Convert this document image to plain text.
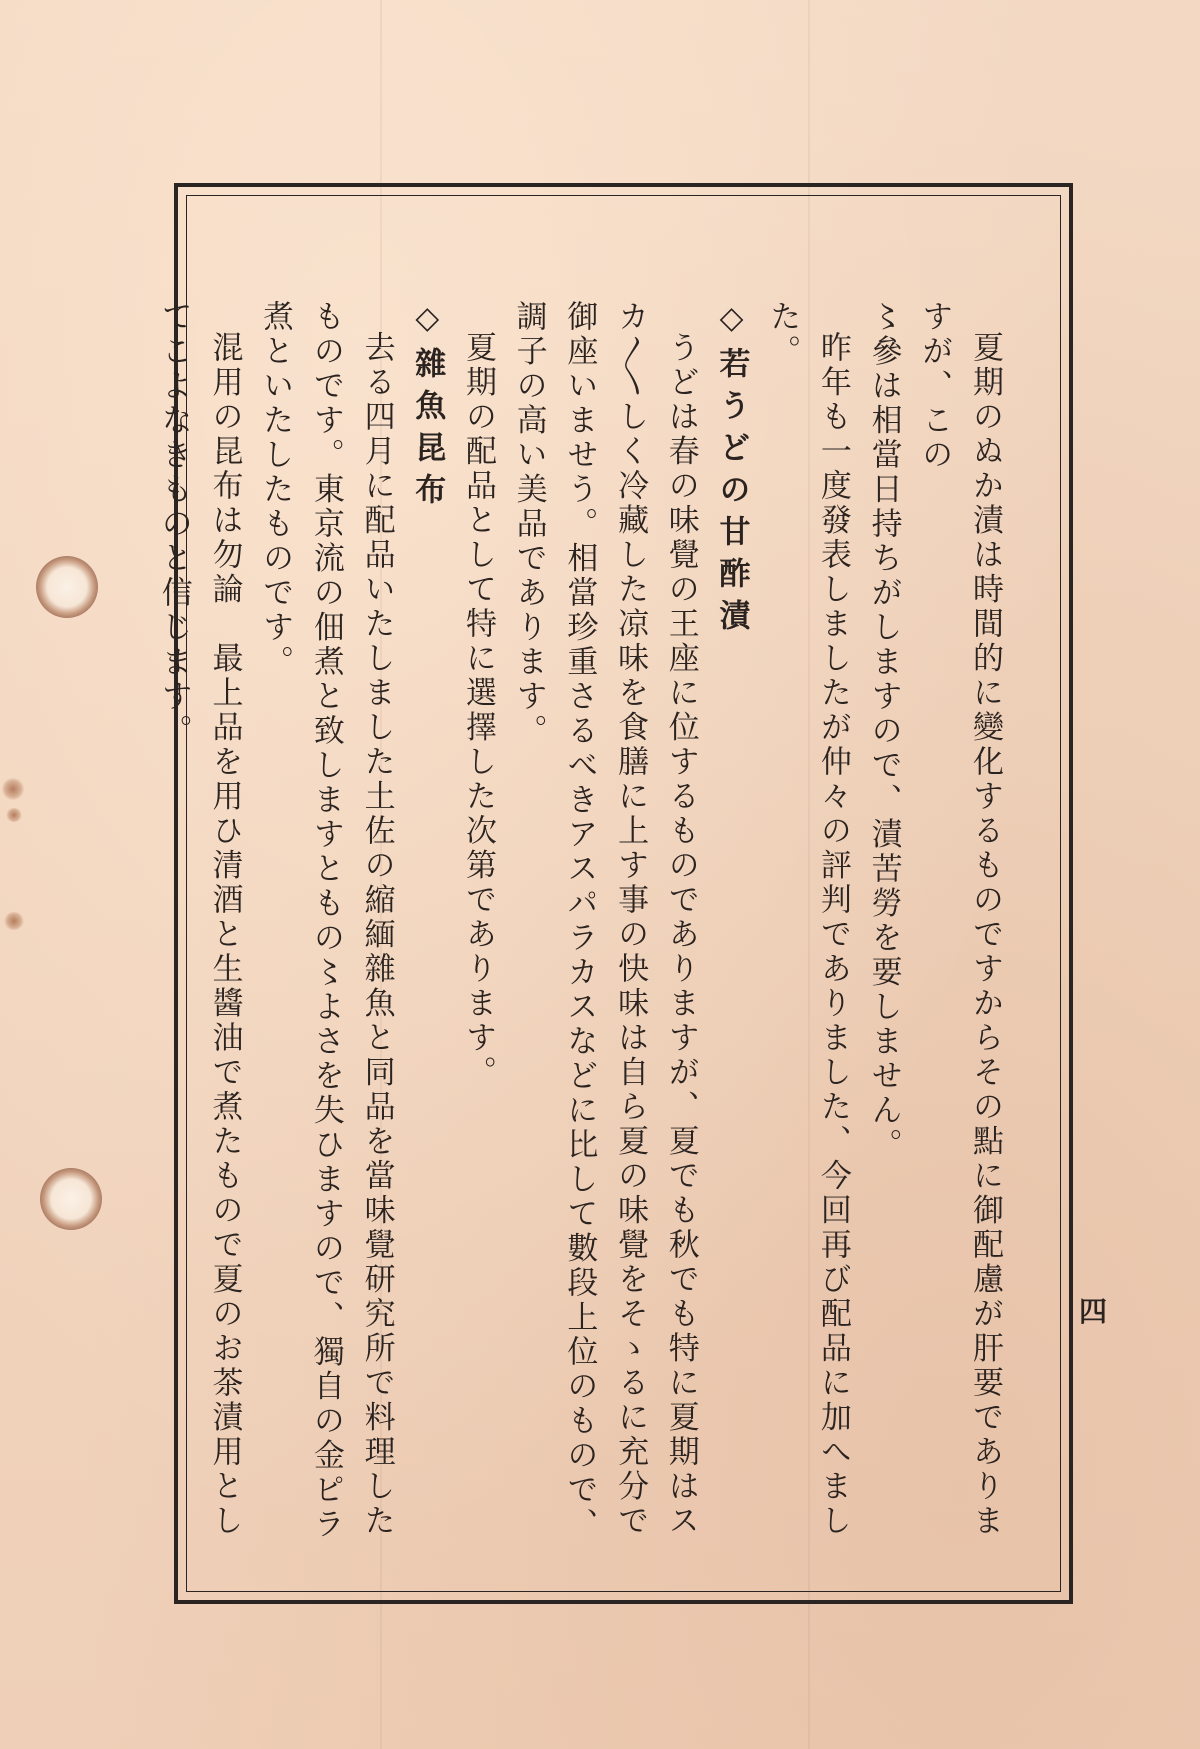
夏期のぬか漬は時間的に變化するものですからその點に御配慮が肝要でありますが、この

〻參は相當日持ちがしますので、漬苦勞を要しません。

昨年も一度發表しましたが仲々の評判でありました、今回再び配品に加へました。

◇若うどの甘酢漬

うどは春の味覺の王座に位するものでありますが、夏でも秋でも特に夏期はスカ〳〵しく冷藏した凉味を食膳に上す事の快味は自ら夏の味覺をそゝるに充分で御座いませう。相當珍重さるべきアスパラカスなどに比して數段上位のもので、調子の高い美品であります。

夏期の配品として特に選擇した次第であります。

◇雜魚昆布

去る四月に配品いたしました土佐の縮緬雜魚と同品を當味覺研究所で料理したものです。東京流の佃煮と致しますともの〻よさを失ひますので、獨自の金ピラ煮といたしたものです。

混用の昆布は勿論　最上品を用ひ清酒と生醬油で煮たもので夏のお茶漬用としてこよなきものと信じます。

四
